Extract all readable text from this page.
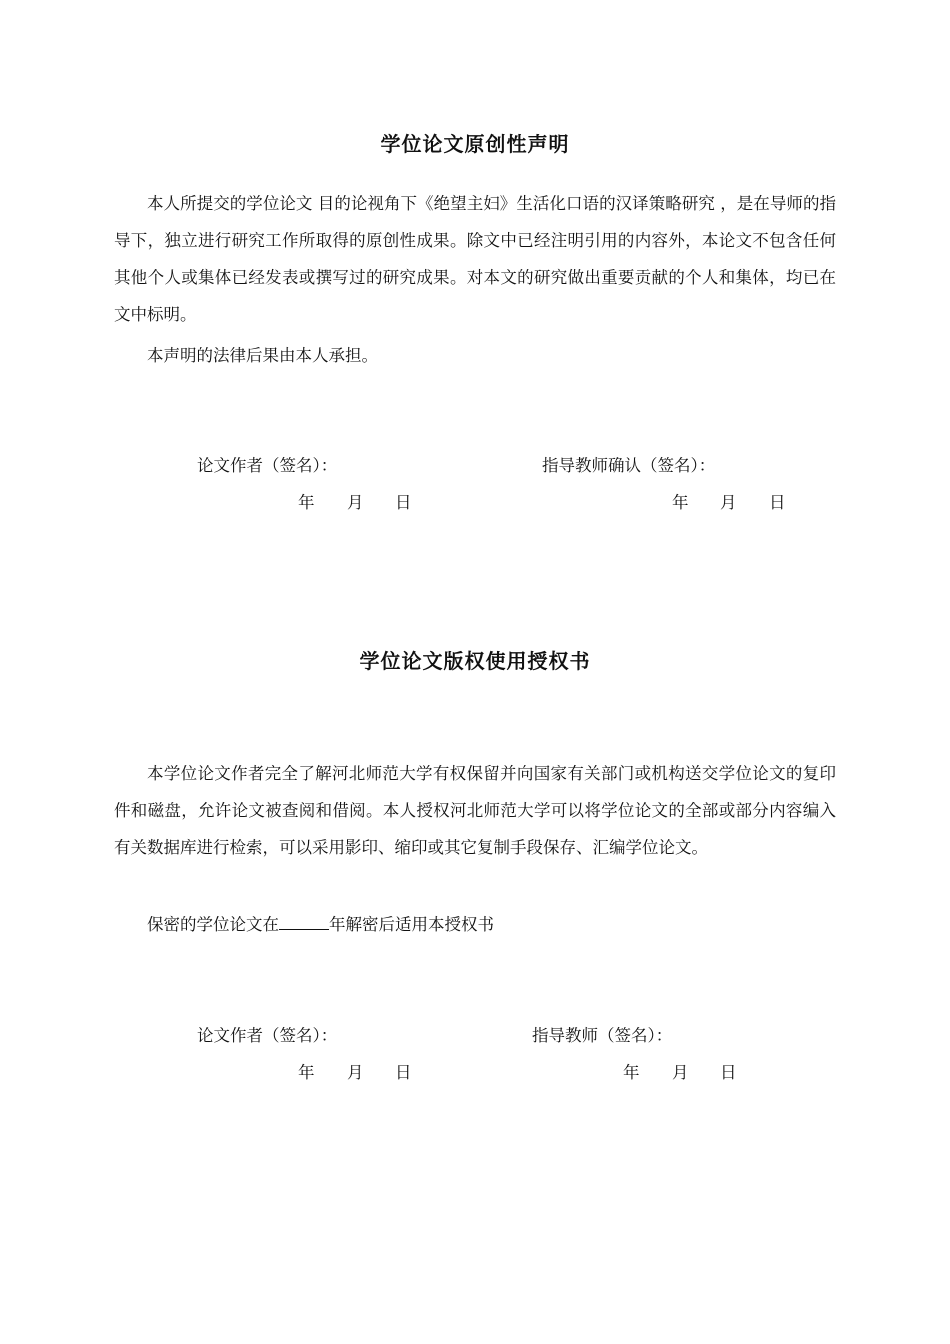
学位论文原创性声明

本人所提交的学位论文 目的论视角下《绝望主妇》生活化口语的汉译策略研究 ，是在导师的指导下，独立进行研究工作所取得的原创性成果。除文中已经注明引用的内容外，本论文不包含任何其他个人或集体已经发表或撰写过的研究成果。对本文的研究做出重要贡献的个人和集体，均已在文中标明。

本声明的法律后果由本人承担。

论文作者（签名）：	指导教师确认（签名）：
年 月 日	年 月 日
学位论文版权使用授权书

本学位论文作者完全了解河北师范大学有权保留并向国家有关部门或机构送交学位论文的复印件和磁盘，允许论文被查阅和借阅。本人授权河北师范大学可以将学位论文的全部或部分内容编入有关数据库进行检索，可以采用影印、缩印或其它复制手段保存、汇编学位论文。

保密的学位论文在	年解密后适用本授权书
论文作者（签名）：	指导教师（签名）：
年 月 日	年 月 日
